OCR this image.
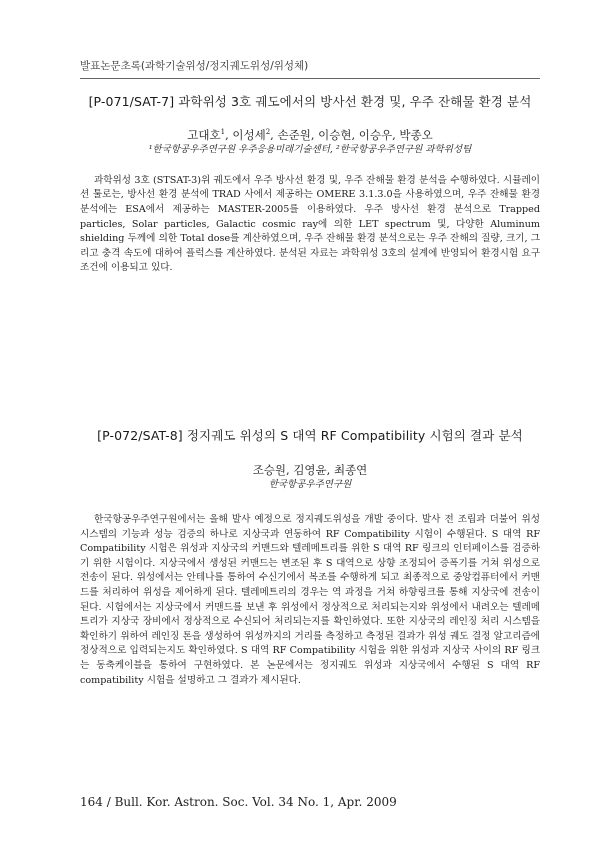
발표논문초록(과학기술위성/정지궤도위성/위성체)
[P-071/SAT-7] 과학위성 3호 궤도에서의 방사선 환경 및, 우주 잔해물 환경 분석
고대호$^1$, 이성세$^2$, 손준원, 이승현, 이승우, 박종오
¹한국항공우주연구원 우주응용미래기술센터, ²한국항공우주연구원 과학위성팀
과학위성 3호 (STSAT-3)위 궤도에서 우주 방사선 환경 및, 우주 잔해물 환경 분석을 수행하였다. 시뮬레이션 툴로는, 방사선 환경 분석에 TRAD 사에서 제공하는 OMERE 3.1.3.0을 사용하였으며, 우주 잔해물 환경 분석에는 ESA에서 제공하는 MASTER-2005를 이용하였다. 우주 방사선 환경 분석으로 Trapped particles, Solar particles, Galactic cosmic ray에 의한 LET spectrum 및, 다양한 Aluminum shielding 두께에 의한 Total dose를 계산하였으며, 우주 잔해물 환경 분석으로는 우주 잔해의 질량, 크기, 그리고 충격 속도에 대하여 플럭스를 계산하였다. 분석된 자료는 과학위성 3호의 설계에 반영되어 환경시험 요구조건에 이용되고 있다.
[P-072/SAT-8] 정지궤도 위성의 S 대역 RF Compatibility 시험의 결과 분석
조승원, 김영윤, 최종연
한국항공우주연구원
한국항공우주연구원에서는 올해 발사 예정으로 정지궤도위성을 개발 중이다. 발사 전 조립과 더불어 위성 시스템의 기능과 성능 검증의 하나로 지상국과 연동하여 RF Compatibility 시험이 수행된다. S 대역 RF Compatibility 시험은 위성과 지상국의 커맨드와 텔레메트리를 위한 S 대역 RF 링크의 인터페이스를 검증하기 위한 시험이다. 지상국에서 생성된 커맨드는 변조된 후 S 대역으로 상향 조정되어 증폭기를 거쳐 위성으로 전송이 된다. 위성에서는 안테나를 통하여 수신기에서 복조를 수행하게 되고 최종적으로 중앙컴퓨터에서 커맨드를 처리하여 위성을 제어하게 된다. 텔레메트리의 경우는 역 과정을 거쳐 하향링크를 통해 지상국에 전송이 된다. 시험에서는 지상국에서 커맨드를 보낸 후 위성에서 정상적으로 처리되는지와 위성에서 내려오는 텔레메트리가 지상국 장비에서 정상적으로 수신되어 처리되는지를 확인하였다. 또한 지상국의 레인징 처리 시스템을 확인하기 위하여 레인징 톤을 생성하여 위성까지의 거리를 측정하고 측정된 결과가 위성 궤도 결정 알고리즘에 정상적으로 입력되는지도 확인하였다. S 대역 RF Compatibility 시험을 위한 위성과 지상국 사이의 RF 링크는 동축케이블을 통하여 구현하였다. 본 논문에서는 정지궤도 위성과 지상국에서 수행된 S 대역 RF compatibility 시험을 설명하고 그 결과가 제시된다.
164 / Bull. Kor. Astron. Soc. Vol. 34 No. 1, Apr. 2009
